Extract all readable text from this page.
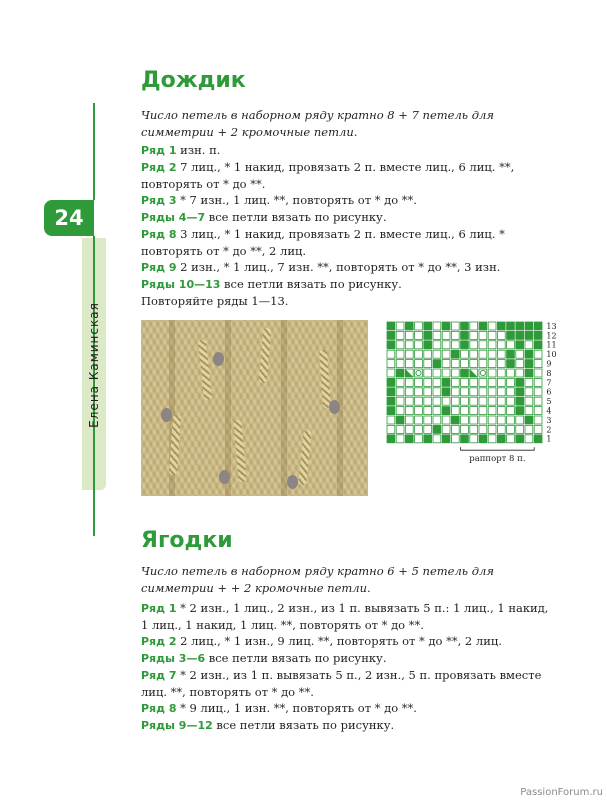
24
Елена Каминская
Дождик

Число петель в наборном ряду кратно 8 + 7 петель для симметрии + 2 кромочные петли.

Ряд 1 изн. п.

Ряд 2 7 лиц., * 1 накид, провязать 2 п. вместе лиц., 6 лиц. **, повторять от * до **.

Ряд 3 * 7 изн., 1 лиц. **, повторять от * до **.

Ряды 4—7 все петли вязать по рисунку.

Ряд 8 3 лиц., * 1 накид, провязать 2 п. вместе лиц., 6 лиц. * повторять от * до **, 2 лиц.

Ряд 9 2 изн., * 1 лиц., 7 изн. **, повторять от * до **, 3 изн.

Ряды 10—13 все петли вязать по рисунку.

Повторяйте ряды 1—13.

13
12
11
10
9
8
7
6
5
4
3
2
1
раппорт 8 п.
Ягодки

Число петель в наборном ряду кратно 6 + 5 петель для симметрии + + 2 кромочные петли.

Ряд 1 * 2 изн., 1 лиц., 2 изн., из 1 п. вывязать 5 п.: 1 лиц., 1 накид, 1 лиц., 1 накид, 1 лиц. **, повторять от * до **.

Ряд 2 2 лиц., * 1 изн., 9 лиц. **, повторять от * до **, 2 лиц.

Ряды 3—6 все петли вязать по рисунку.

Ряд 7 * 2 изн., из 1 п. вывязать 5 п., 2 изн., 5 п. провязать вместе лиц. **, повторять от * до **.

Ряд 8 * 9 лиц., 1 изн. **, повторять от * до **.

Ряды 9—12 все петли вязать по рисунку.

PassionForum.ru
